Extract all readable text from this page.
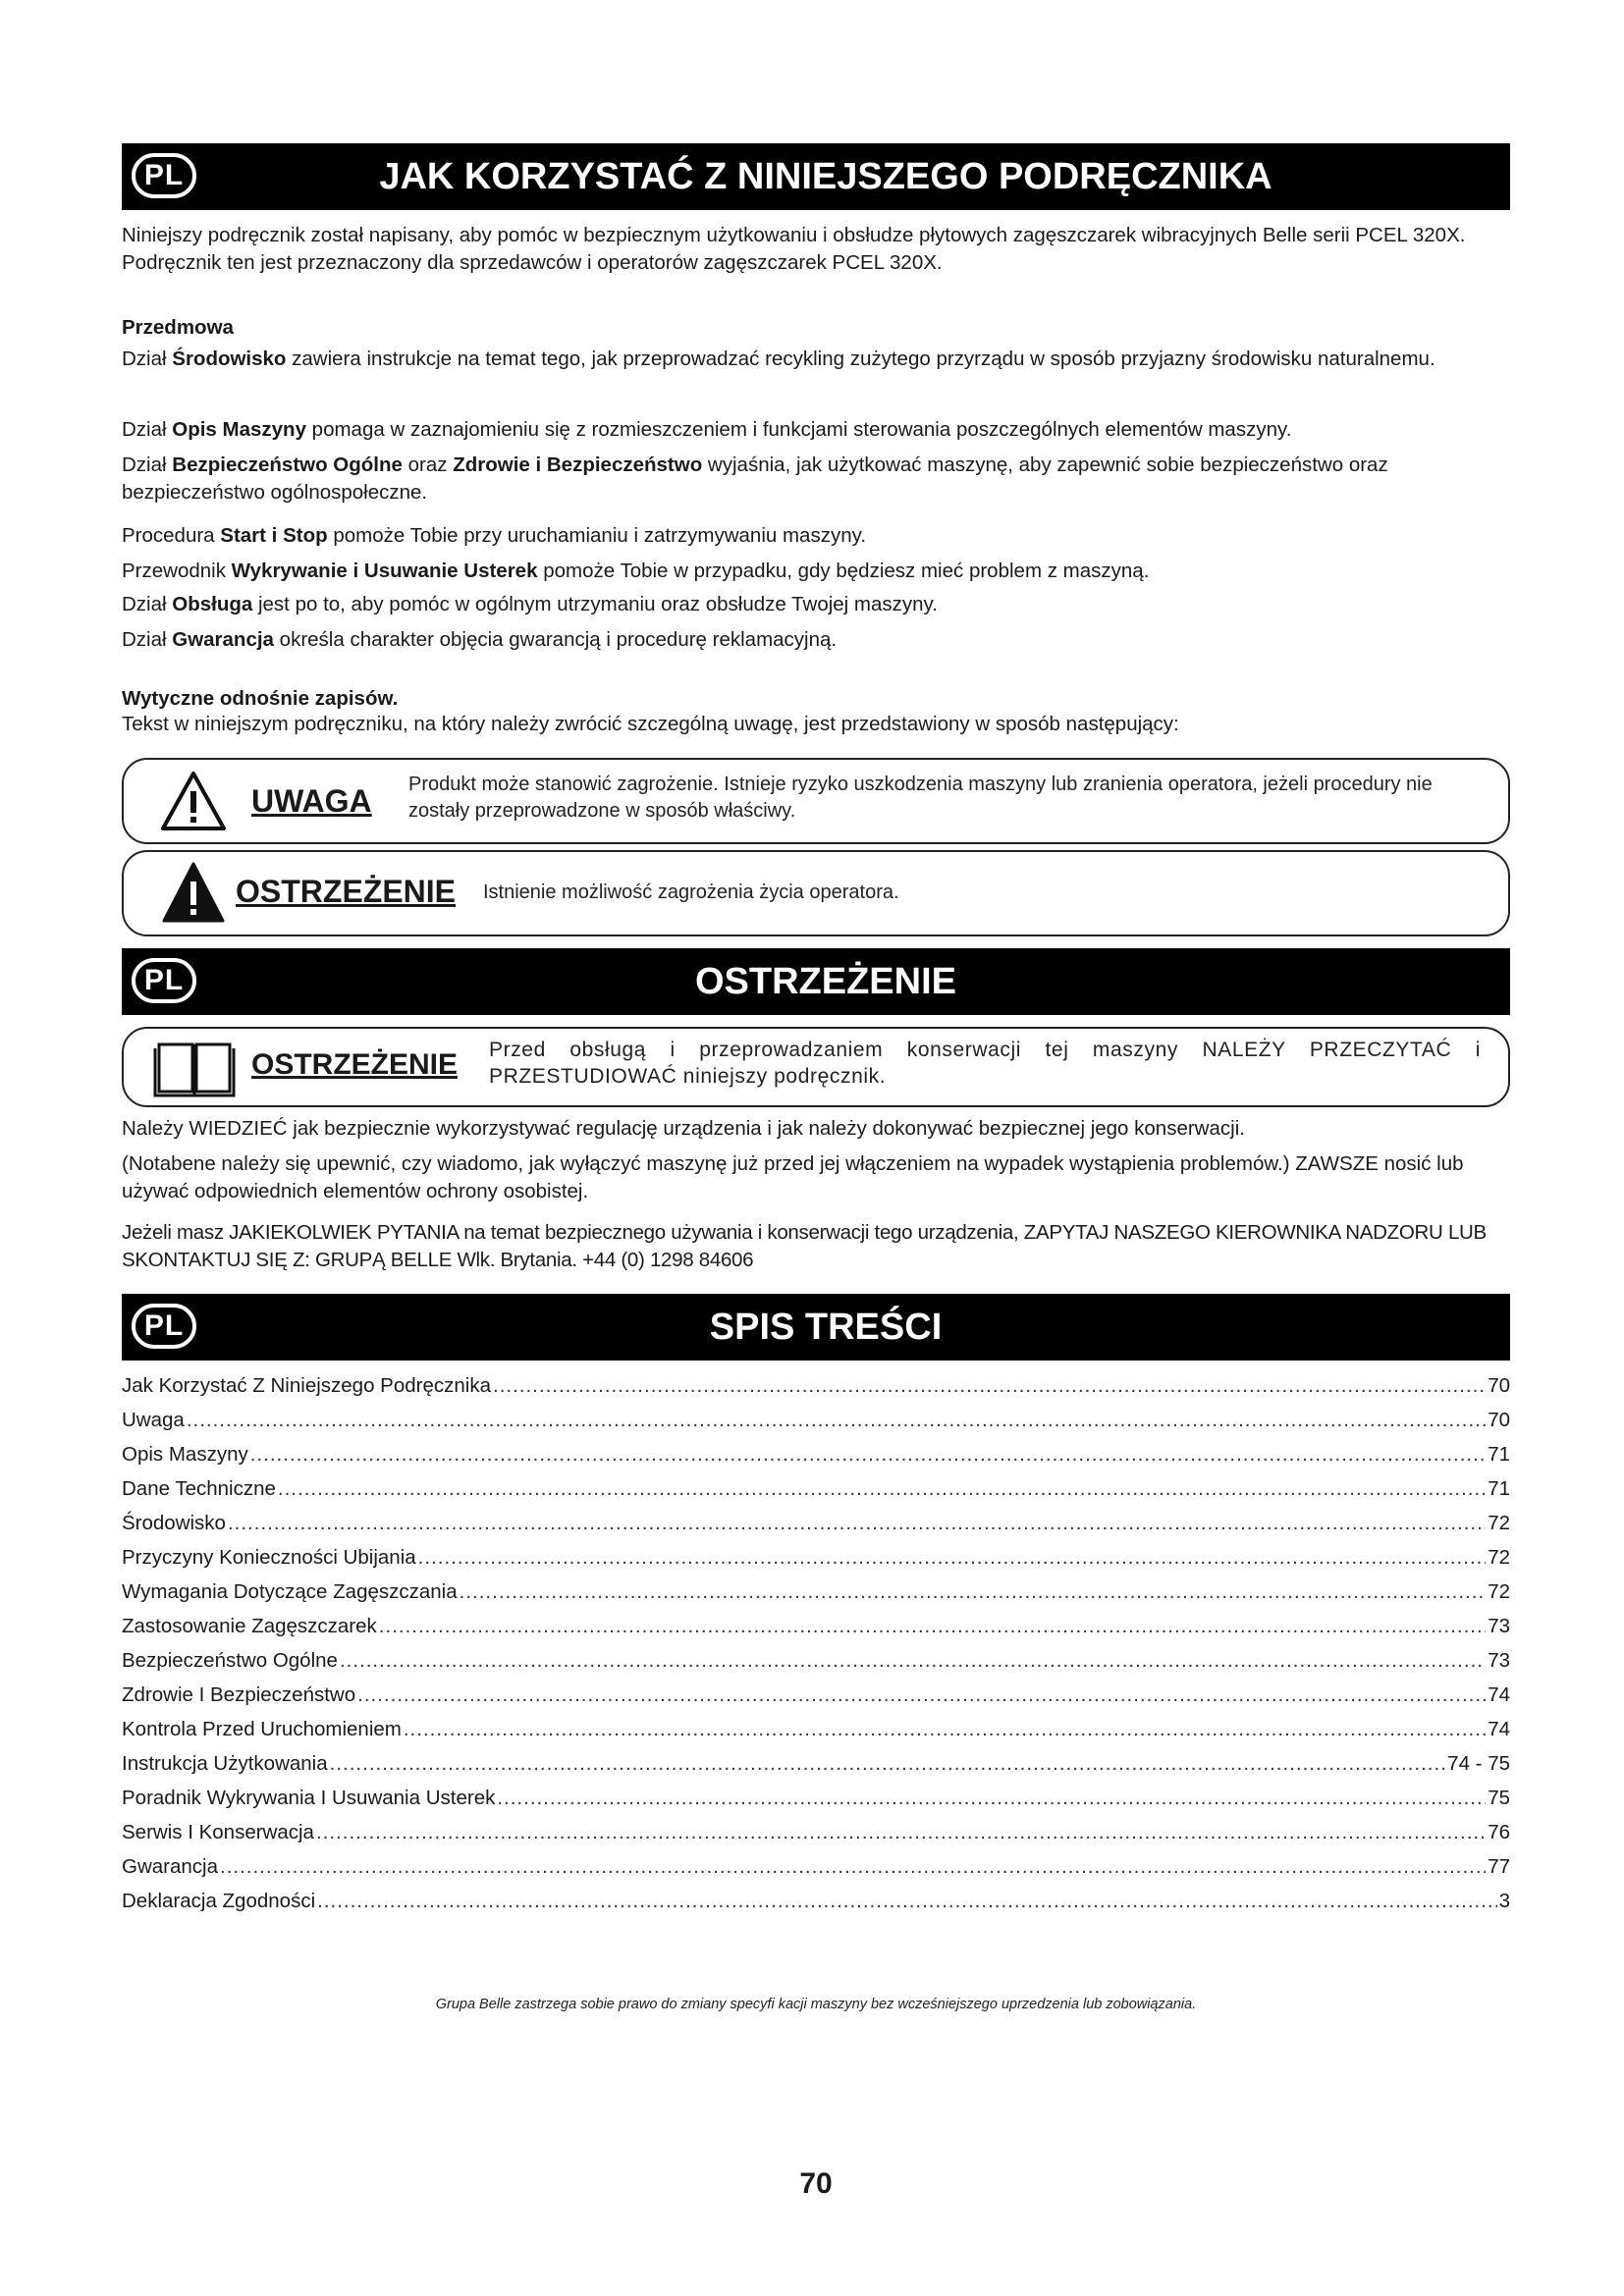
PL	JAK KORZYSTAĆ Z NINIEJSZEGO PODRĘCZNIKA

Niniejszy podręcznik został napisany, aby pomóc w bezpiecznym użytkowaniu i obsłudze płytowych zagęszczarek wibracyjnych Belle serii PCEL 320X. Podręcznik ten jest przeznaczony dla sprzedawców i operatorów zagęszczarek PCEL 320X.

Przedmowa

Dział Środowisko zawiera instrukcje na temat tego, jak przeprowadzać recykling zużytego przyrządu w sposób przyjazny środowisku naturalnemu.

Dział Opis Maszyny pomaga w zaznajomieniu się z rozmieszczeniem i funkcjami sterowania poszczególnych elementów maszyny.

Dział Bezpieczeństwo Ogólne oraz Zdrowie i Bezpieczeństwo wyjaśnia, jak użytkować maszynę, aby zapewnić sobie bezpieczeństwo oraz bezpieczeństwo ogólnospołeczne.

Procedura Start i Stop pomoże Tobie przy uruchamianiu i zatrzymywaniu maszyny.

Przewodnik Wykrywanie i Usuwanie Usterek pomoże Tobie w przypadku, gdy będziesz mieć problem z maszyną.

Dział Obsługa jest po to, aby pomóc w ogólnym utrzymaniu oraz obsłudze Twojej maszyny.

Dział Gwarancja określa charakter objęcia gwarancją i procedurę reklamacyjną.

Wytyczne odnośnie zapisów.

Tekst w niniejszym podręczniku, na który należy zwrócić szczególną uwagę, jest przedstawiony w sposób następujący:

UWAGA Produkt może stanowić zagrożenie. Istnieje ryzyko uszkodzenia maszyny lub zranienia operatora, jeżeli procedury nie zostały przeprowadzone w sposób właściwy.
OSTRZEŻENIE Istnienie możliwość zagrożenia życia operatora.
PL	OSTRZEŻENIE
OSTRZEŻENIE Przed obsługą i przeprowadzaniem konserwacji tej maszyny NALEŻY PRZECZYTAĆ i PRZESTUDIOWAĆ niniejszy podręcznik.

Należy WIEDZIEĆ jak bezpiecznie wykorzystywać regulację urządzenia i jak należy dokonywać bezpiecznej jego konserwacji.

(Notabene należy się upewnić, czy wiadomo, jak wyłączyć maszynę już przed jej włączeniem na wypadek wystąpienia problemów.) ZAWSZE nosić lub używać odpowiednich elementów ochrony osobistej.

Jeżeli masz JAKIEKOLWIEK PYTANIA na temat bezpiecznego używania i konserwacji tego urządzenia, ZAPYTAJ NASZEGO KIEROWNIKA NADZORU LUB SKONTAKTUJ SIĘ Z: GRUPĄ BELLE Wlk. Brytania. +44 (0) 1298 84606

PL	SPIS TREŚCI
Jak Korzystać Z Niniejszego Podręcznika .....	70
Uwaga .....	70
Opis Maszyny .....	71
Dane Techniczne .....	71
Środowisko .....	72
Przyczyny Konieczności Ubijania .....	72
Wymagania Dotyczące Zagęszczania .....	72
Zastosowanie Zagęszczarek .....	73
Bezpieczeństwo Ogólne .....	73
Zdrowie I Bezpieczeństwo .....	74
Kontrola Przed Uruchomieniem .....	74
Instrukcja Użytkowania .....	74 - 75
Poradnik Wykrywania I Usuwania Usterek .....	75
Serwis I Konserwacja .....	76
Gwarancja .....	77
Deklaracja Zgodności .....	3
Grupa Belle zastrzega sobie prawo do zmiany specyfi kacji maszyny bez wcześniejszego uprzedzenia lub zobowiązania.
70
